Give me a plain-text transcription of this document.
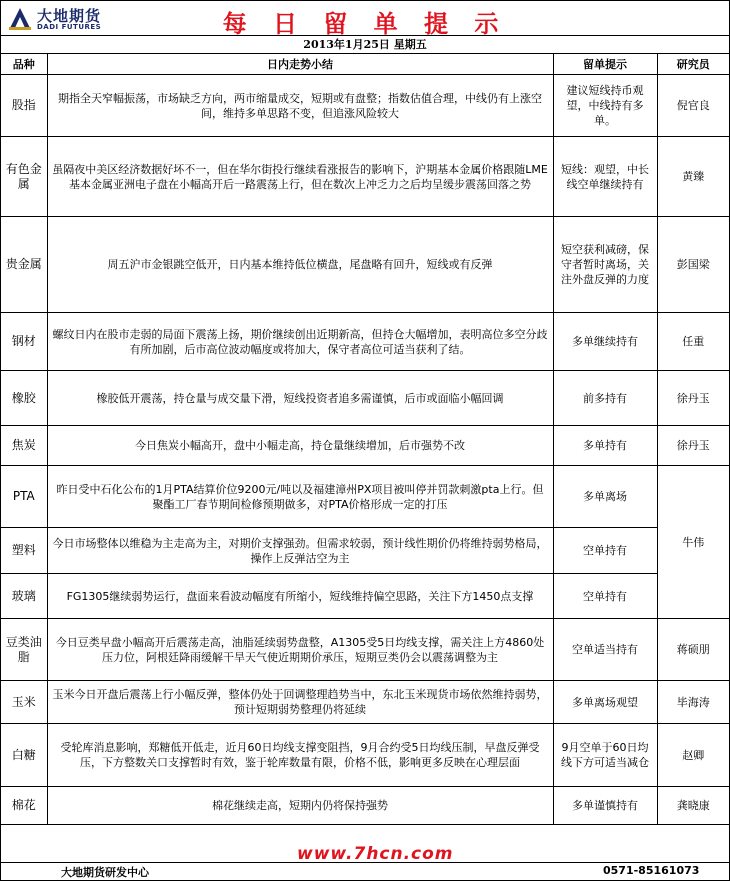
大地期货
DADI FUTURES	每 日 留 单 提 示
2013年1月25日 星期五
品种	日内走势小结	留单提示	研究员
股指	期指全天窄幅振荡，市场缺乏方向，两市缩量成交，短期或有盘整；指数估值合理，中线仍有上涨空间，维持多单思路不变，但追涨风险较大	建议短线持币观望，中线持有多单。	倪官良
有色金属	虽隔夜中美区经济数据好坏不一，但在华尔街投行继续看涨报告的影响下，沪期基本金属价格跟随LME基本金属亚洲电子盘在小幅高开后一路震荡上行，但在数次上冲乏力之后均呈缓步震荡回落之势	短线：观望，中长线空单继续持有	黄臻
贵金属	周五沪市金银跳空低开，日内基本维持低位横盘，尾盘略有回升，短线或有反弹	短空获利减磅，保守者暂时离场，关注外盘反弹的力度	彭国梁
钢材	螺纹日内在股市走弱的局面下震荡上扬，期价继续创出近期新高，但持仓大幅增加，表明高位多空分歧有所加剧，后市高位波动幅度或将加大，保守者高位可适当获利了结。	多单继续持有	任重
橡胶	橡胶低开震荡，持仓量与成交量下滑，短线投资者追多需谨慎，后市或面临小幅回调	前多持有	徐丹玉
焦炭	今日焦炭小幅高开，盘中小幅走高，持仓量继续增加，后市强势不改	多单持有	徐丹玉
PTA	昨日受中石化公布的1月PTA结算价位9200元/吨以及福建漳州PX项目被叫停并罚款刺激pta上行。但聚酯工厂春节期间检修预期做多，对PTA价格形成一定的打压	多单离场	牛伟
塑料	今日市场整体以维稳为主走高为主，对期价支撑强劲。但需求较弱，预计线性期价仍将维持弱势格局，操作上反弹沽空为主	空单持有	
玻璃	FG1305继续弱势运行，盘面来看波动幅度有所缩小，短线维持偏空思路，关注下方1450点支撑	空单持有	
豆类油脂	今日豆类早盘小幅高开后震荡走高，油脂延续弱势盘整，A1305受5日均线支撑，需关注上方4860处压力位，阿根廷降雨缓解干旱天气使近期期价承压，短期豆类仍会以震荡调整为主	空单适当持有	蒋硕朋
玉米	玉米今日开盘后震荡上行小幅反弹，整体仍处于回调整理趋势当中，东北玉米现货市场依然维持弱势，预计短期弱势整理仍将延续	多单离场观望	毕海涛
白糖	受轮库消息影响，郑糖低开低走，近月60日均线支撑变阻挡，9月合约受5日均线压制，早盘反弹受压，下方整数关口支撑暂时有效，鉴于轮库数量有限，价格不低，影响更多反映在心理层面	9月空单于60日均线下方可适当减仓	赵卿
棉花	棉花继续走高，短期内仍将保持强势	多单谨慎持有	龚晓康
www.7hcn.com
大地期货研发中心	0571-85161073
